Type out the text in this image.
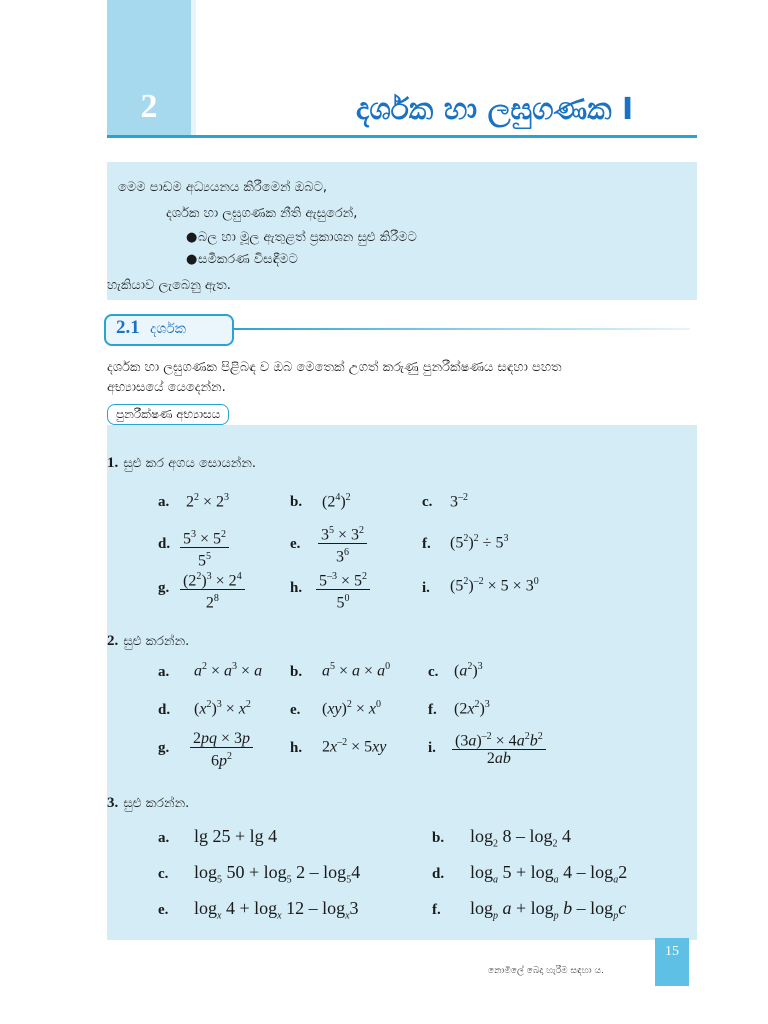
2	දර්ශක හා ලඝුගණක I
මෙම පාඩම අධ්‍යයනය කිරීමෙන් ඔබට,
දර්ශක හා ලඝුගණක නීති ඇසුරෙන්,
● බල හා මූල ඇතුළත් ප්‍රකාශන සුළු කිරීමට
● සමීකරණ විසඳීමට
හැකියාව ලැබෙනු ඇත.
2.1 දර්ශක
දර්ශක හා ලඝුගණක පිළිබඳ ව ඔබ මෙතෙක් උගත් කරුණු පුනරීක්ෂණය සඳහා පහත
අභ්‍යාසයේ යෙදෙන්න.
පුනරීක්ෂණ අභ්‍යාසය
1. සුළු කර අගය සොයන්න.
a. $2^2 \times 2^3$	b. $(2^4)^2$	c. $3^{-2}$
d. $\frac{5^3 \times 5^2}{5^5}$	e. $\frac{3^5 \times 3^2}{3^6}$	f. $(5^2)^2 \div 5^3$
g. $\frac{(2^2)^3 \times 2^4}{2^8}$	h. $\frac{5^{-3} \times 5^2}{5^0}$	i. $(5^2)^{-2} \times 5 \times 3^0$
2. සුළු කරන්න.
a. $a^2 \times a^3 \times a$ b. $a^5 \times a \times a^0$	c. $(a^2)^3$
d. $(x^2)^3 \times x^2$	e. $(xy)^2 \times x^0$	f. $(2x^2)^3$
g. $\frac{2pq \times 3p}{6p^2} h$. $2x^{-2} \times 5xy$	i. $\frac{(3a)^{-2} \times 4a^2b^2}{2ab}$
3. සුළු කරන්න.
a. lg 25 + lg 4	b. $\log_2 8 - \log_2 4$
c. $\log_5 50 + \log_5 2 - \log_54$	d. $\log_a 5 + \log_a 4 - \log_a2$
e. $\log_x 4 + \log_x 12 - \log_x3$	f. $\log_p a + \log_p b - \log_pc$
නොමිලේ බෙදා හැරීම සඳහා ය.
15
